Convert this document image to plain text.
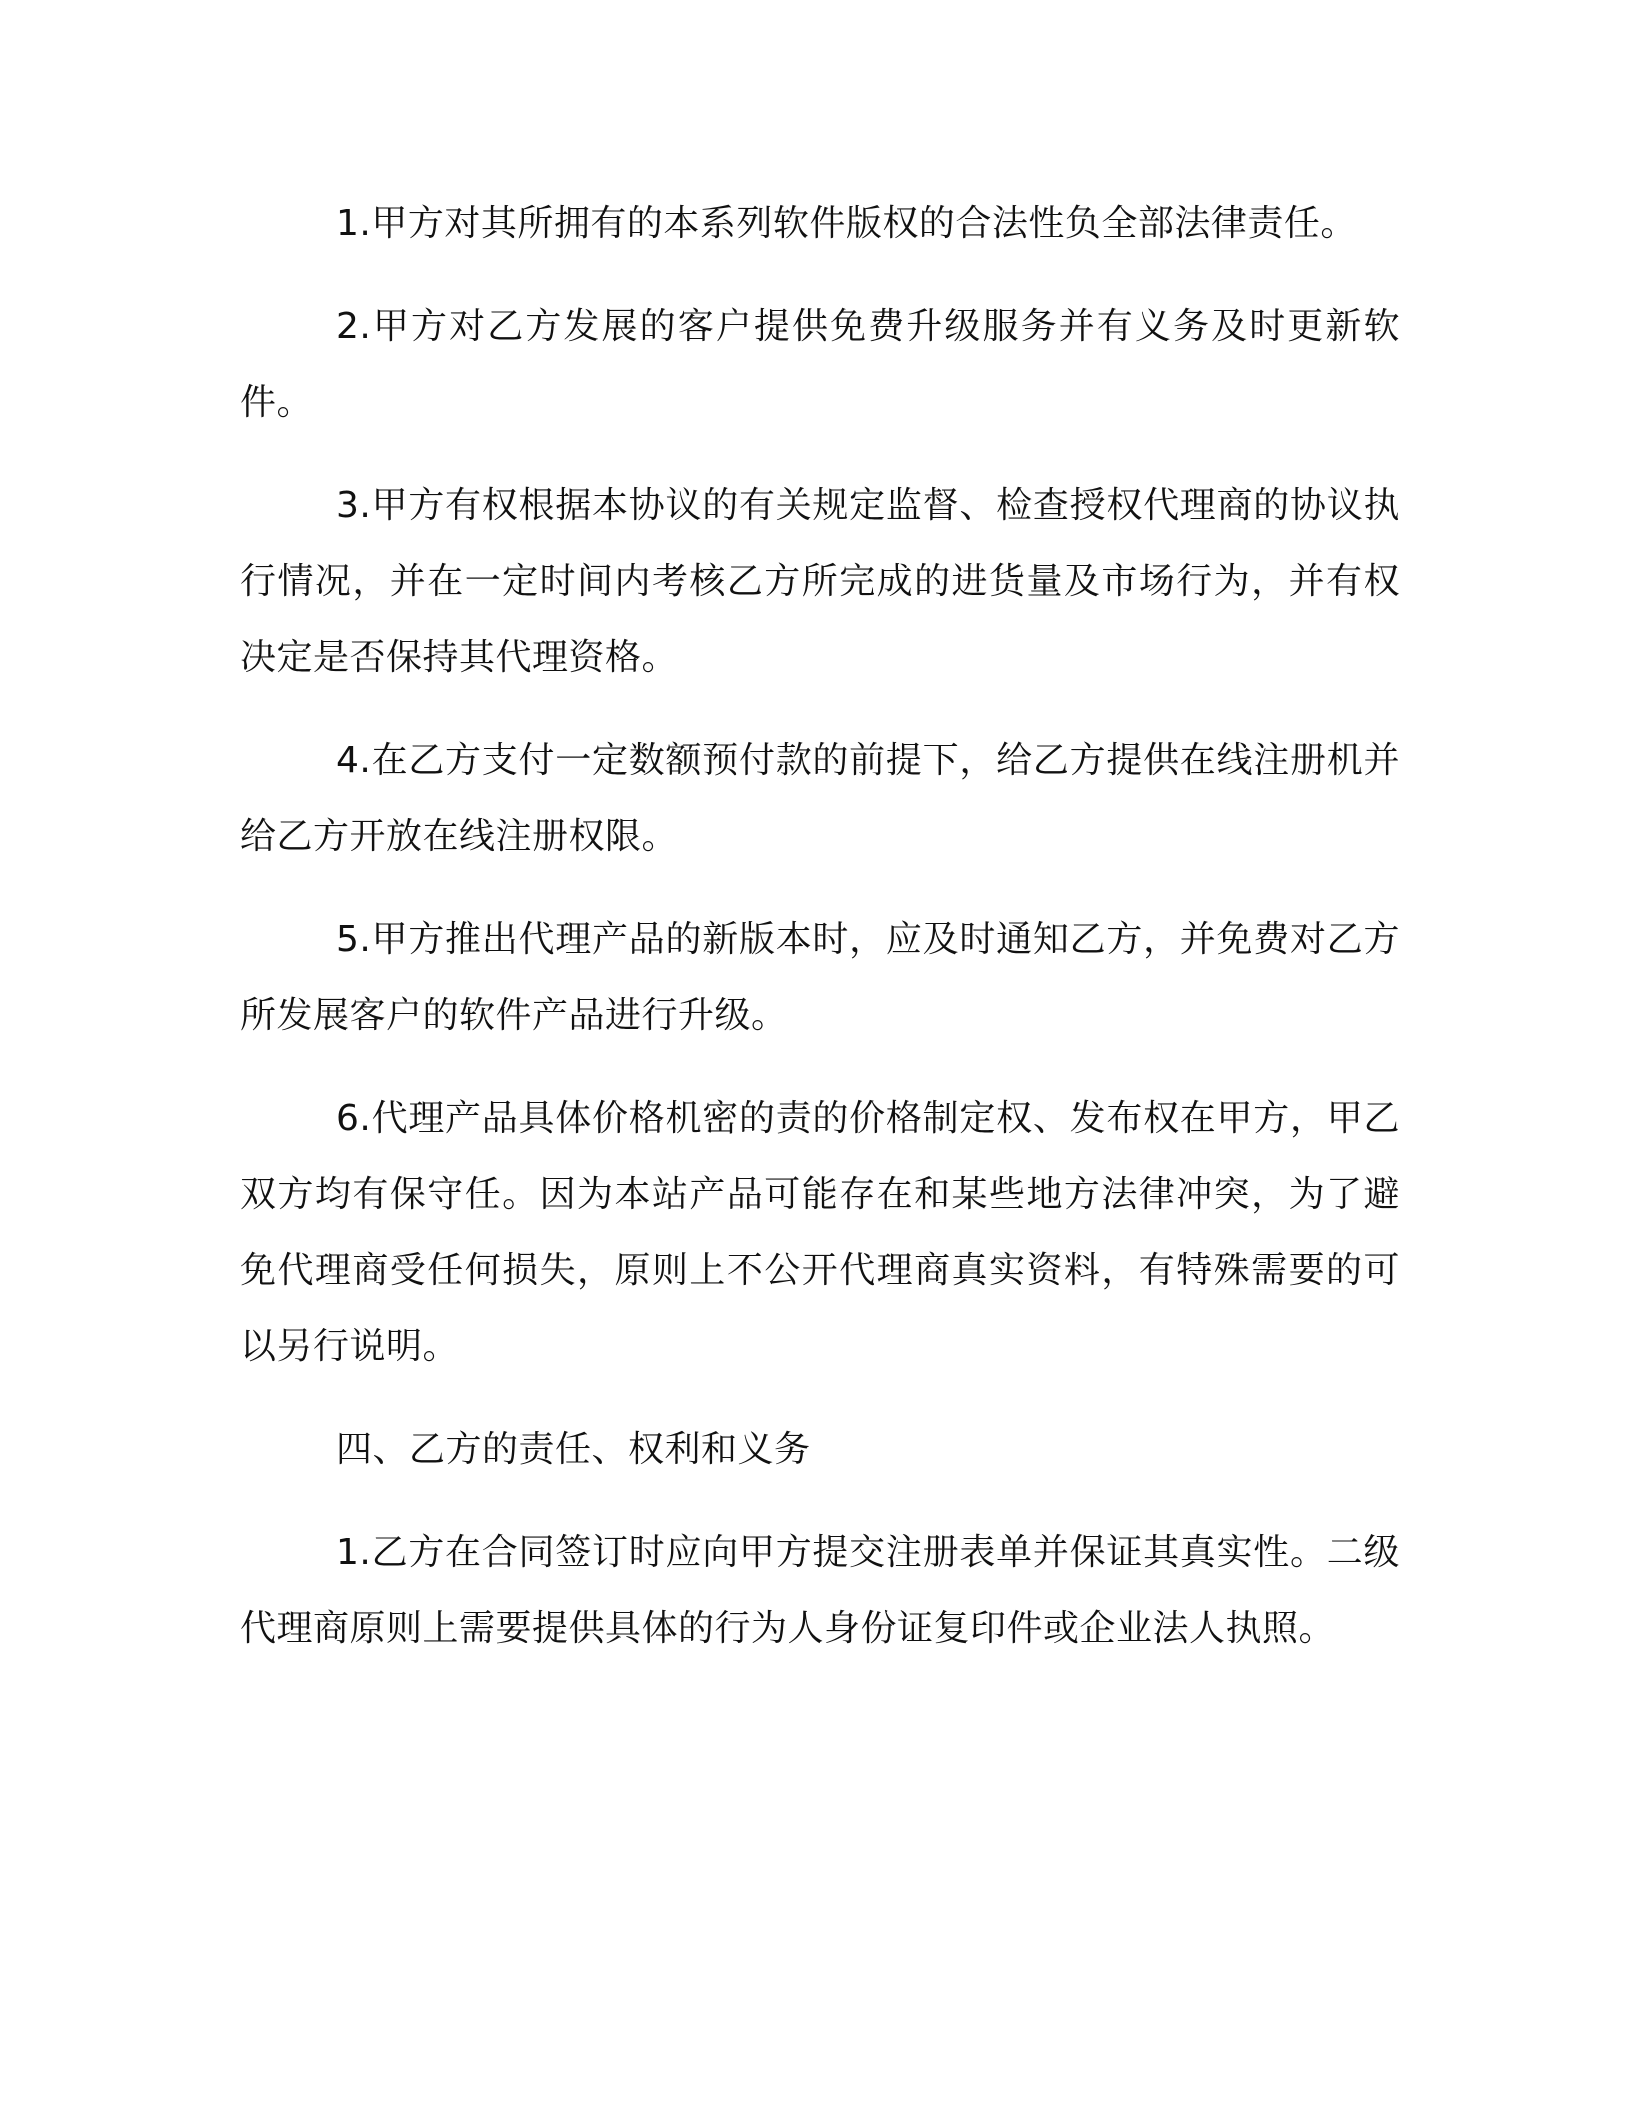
1.甲方对其所拥有的本系列软件版权的合法性负全部法律责任。

2.甲方对乙方发展的客户提供免费升级服务并有义务及时更新软件。

3.甲方有权根据本协议的有关规定监督、检查授权代理商的协议执行情况，并在一定时间内考核乙方所完成的进货量及市场行为，并有权决定是否保持其代理资格。

4.在乙方支付一定数额预付款的前提下，给乙方提供在线注册机并给乙方开放在线注册权限。

5.甲方推出代理产品的新版本时，应及时通知乙方，并免费对乙方所发展客户的软件产品进行升级。

6.代理产品具体价格机密的责的价格制定权、发布权在甲方，甲乙双方均有保守任。因为本站产品可能存在和某些地方法律冲突，为了避免代理商受任何损失，原则上不公开代理商真实资料，有特殊需要的可以另行说明。

四、乙方的责任、权利和义务

1.乙方在合同签订时应向甲方提交注册表单并保证其真实性。二级代理商原则上需要提供具体的行为人身份证复印件或企业法人执照。
